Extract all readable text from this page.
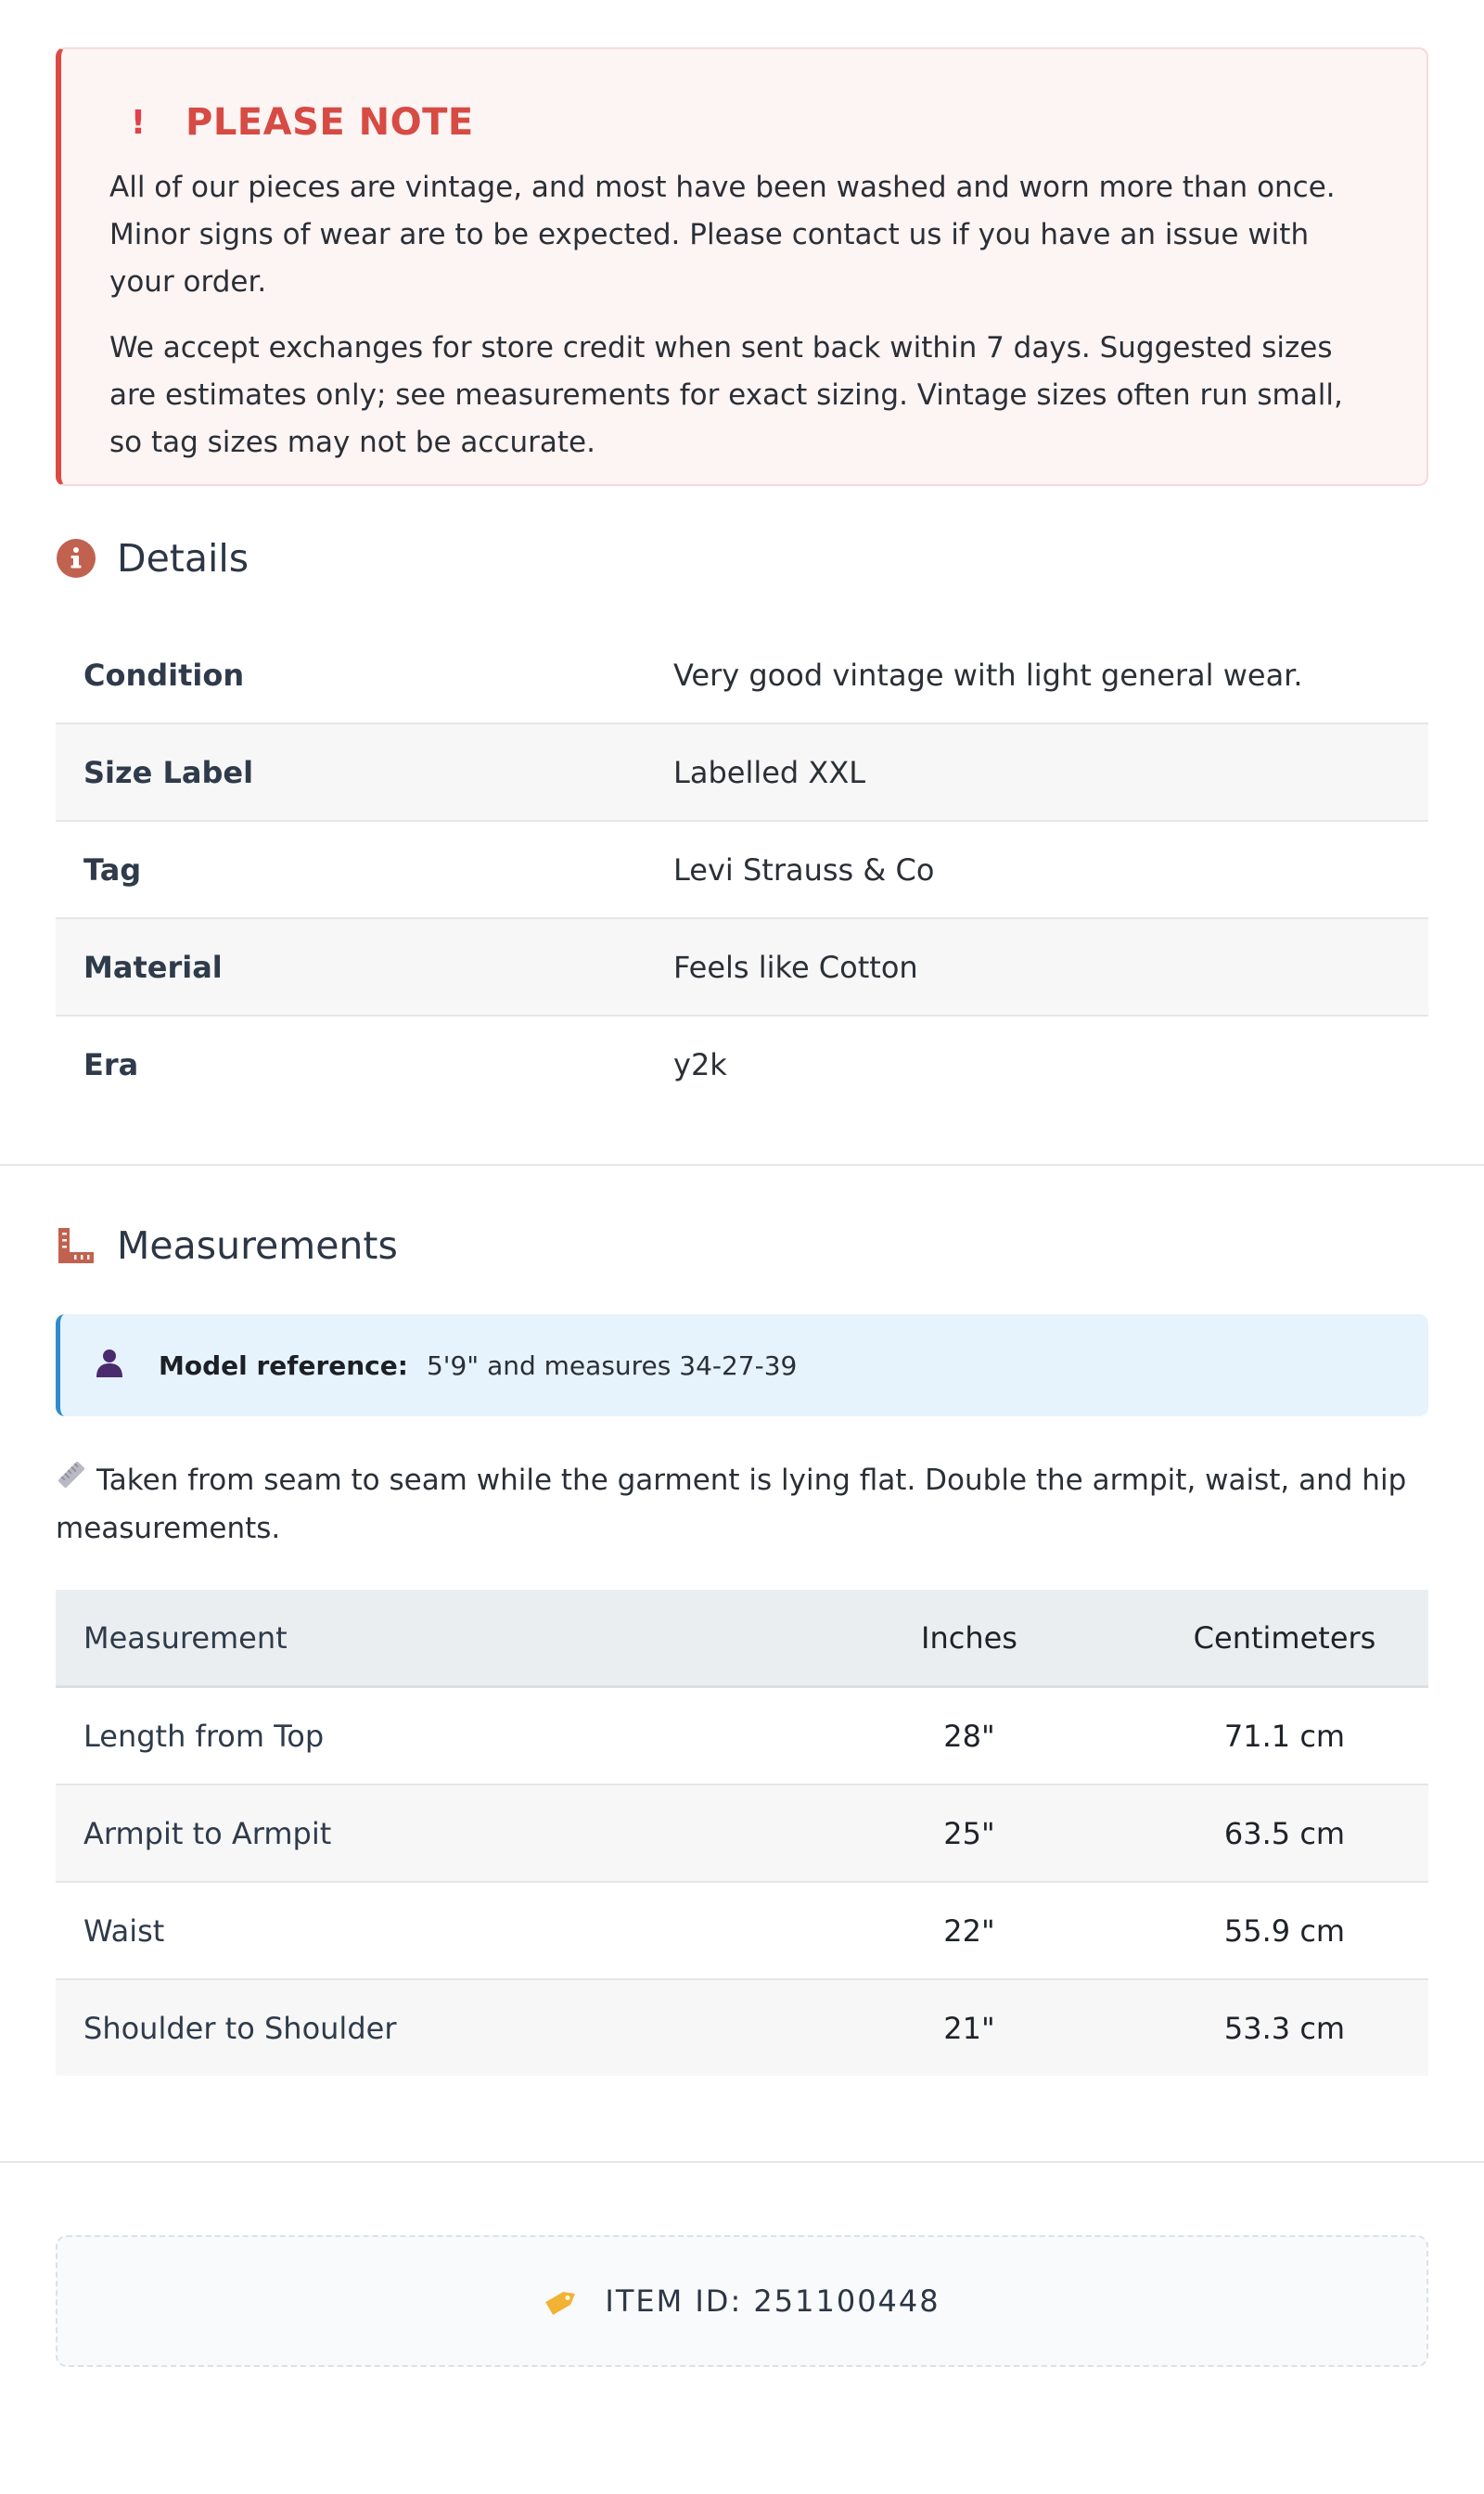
! PLEASE NOTE

All of our pieces are vintage, and most have been washed and worn more than once. Minor signs of wear are to be expected. Please contact us if you have an issue with your order.

We accept exchanges for store credit when sent back within 7 days. Suggested sizes are estimates only; see measurements for exact sizing. Vintage sizes often run small, so tag sizes may not be accurate.

Details
Condition	Very good vintage with light general wear.
Size Label	Labelled XXL
Tag	Levi Strauss & Co
Material	Feels like Cotton
Era	y2k
Measurements
Model reference: 5'9" and measures 34-27-39
Taken from seam to seam while the garment is lying flat. Double the armpit, waist, and hip measurements.
Measurement	Inches	Centimeters
Length from Top	28"	71.1 cm
Armpit to Armpit	25"	63.5 cm
Waist	22"	55.9 cm
Shoulder to Shoulder	21"	53.3 cm
ITEM ID: 251100448
